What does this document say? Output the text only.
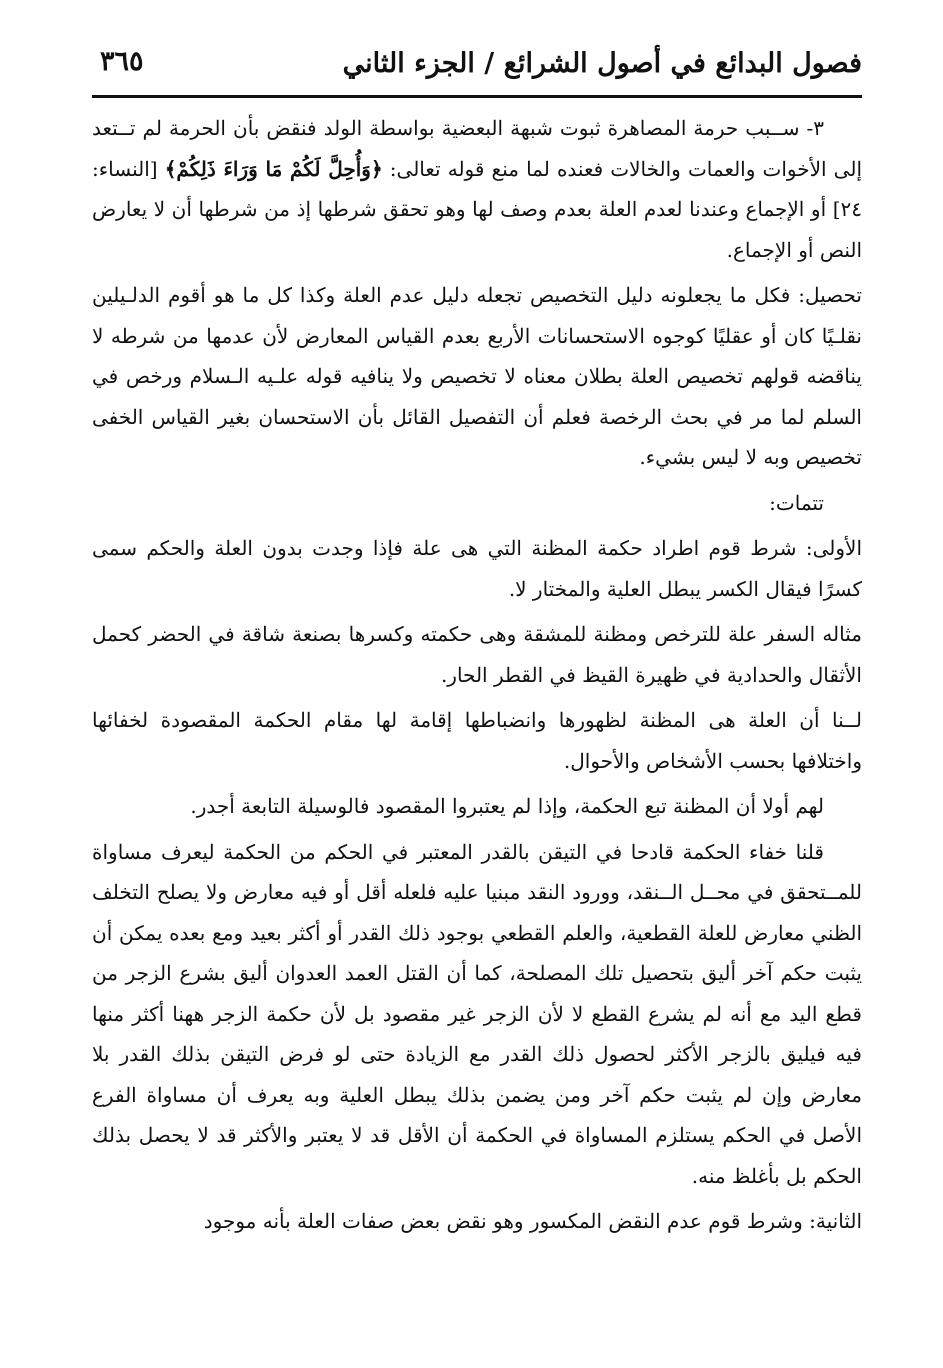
فصول البدائع في أصول الشرائع / الجزء الثاني
٣٦٥

٣- ســبب حرمة المصاهرة ثبوت شبهة البعضية بواسطة الولد فنقض بأن الحرمة لم تــتعد إلى الأخوات والعمات والخالات فعنده لما منع قوله تعالى: ﴿وَأُحِلَّ لَكُمْ مَا وَرَاءَ ذَلِكُمْ﴾ [النساء: ٢٤] أو الإجماع وعندنا لعدم العلة بعدم وصف لها وهو تحقق شرطها إذ من شرطها أن لا يعارض النص أو الإجماع.

تحصيل: فكل ما يجعلونه دليل التخصيص تجعله دليل عدم العلة وكذا كل ما هو أقوم الدلـيلين نقلـيًا كان أو عقليًا كوجوه الاستحسانات الأربع بعدم القياس المعارض لأن عدمها من شرطه لا يناقضه قولهم تخصيص العلة بطلان معناه لا تخصيص ولا ينافيه قوله علـيه الـسلام ورخص في السلم لما مر في بحث الرخصة فعلم أن التفصيل القائل بأن الاستحسان بغير القياس الخفى تخصيص وبه لا ليس بشيء.

تتمات:

الأولى: شرط قوم اطراد حكمة المظنة التي هى علة فإذا وجدت بدون العلة والحكم سمى كسرًا فيقال الكسر يبطل العلية والمختار لا.

مثاله السفر علة للترخص ومظنة للمشقة وهى حكمته وكسرها بصنعة شاقة في الحضر كحمل الأثقال والحدادية في ظهيرة القيظ في القطر الحار.

لــنا أن العلة هى المظنة لظهورها وانضباطها إقامة لها مقام الحكمة المقصودة لخفائها واختلافها بحسب الأشخاص والأحوال.

لهم أولا أن المظنة تبع الحكمة، وإذا لم يعتبروا المقصود فالوسيلة التابعة أجدر.

قلنا خفاء الحكمة قادحا في التيقن بالقدر المعتبر في الحكم من الحكمة ليعرف مساواة للمــتحقق في محــل الــنقد، وورود النقد مبنيا عليه فلعله أقل أو فيه معارض ولا يصلح التخلف الظني معارض للعلة القطعية، والعلم القطعي بوجود ذلك القدر أو أكثر بعيد ومع بعده يمكن أن يثبت حكم آخر أليق بتحصيل تلك المصلحة، كما أن القتل العمد العدوان أليق بشرع الزجر من قطع اليد مع أنه لم يشرع القطع لا لأن الزجر غير مقصود بل لأن حكمة الزجر ههنا أكثر منها فيه فيليق بالزجر الأكثر لحصول ذلك القدر مع الزيادة حتى لو فرض التيقن بذلك القدر بلا معارض وإن لم يثبت حكم آخر ومن يضمن بذلك يبطل العلية وبه يعرف أن مساواة الفرع الأصل في الحكم يستلزم المساواة في الحكمة أن الأقل قد لا يعتبر والأكثر قد لا يحصل بذلك الحكم بل بأغلظ منه.

الثانية: وشرط قوم عدم النقض المكسور وهو نقض بعض صفات العلة بأنه موجود
